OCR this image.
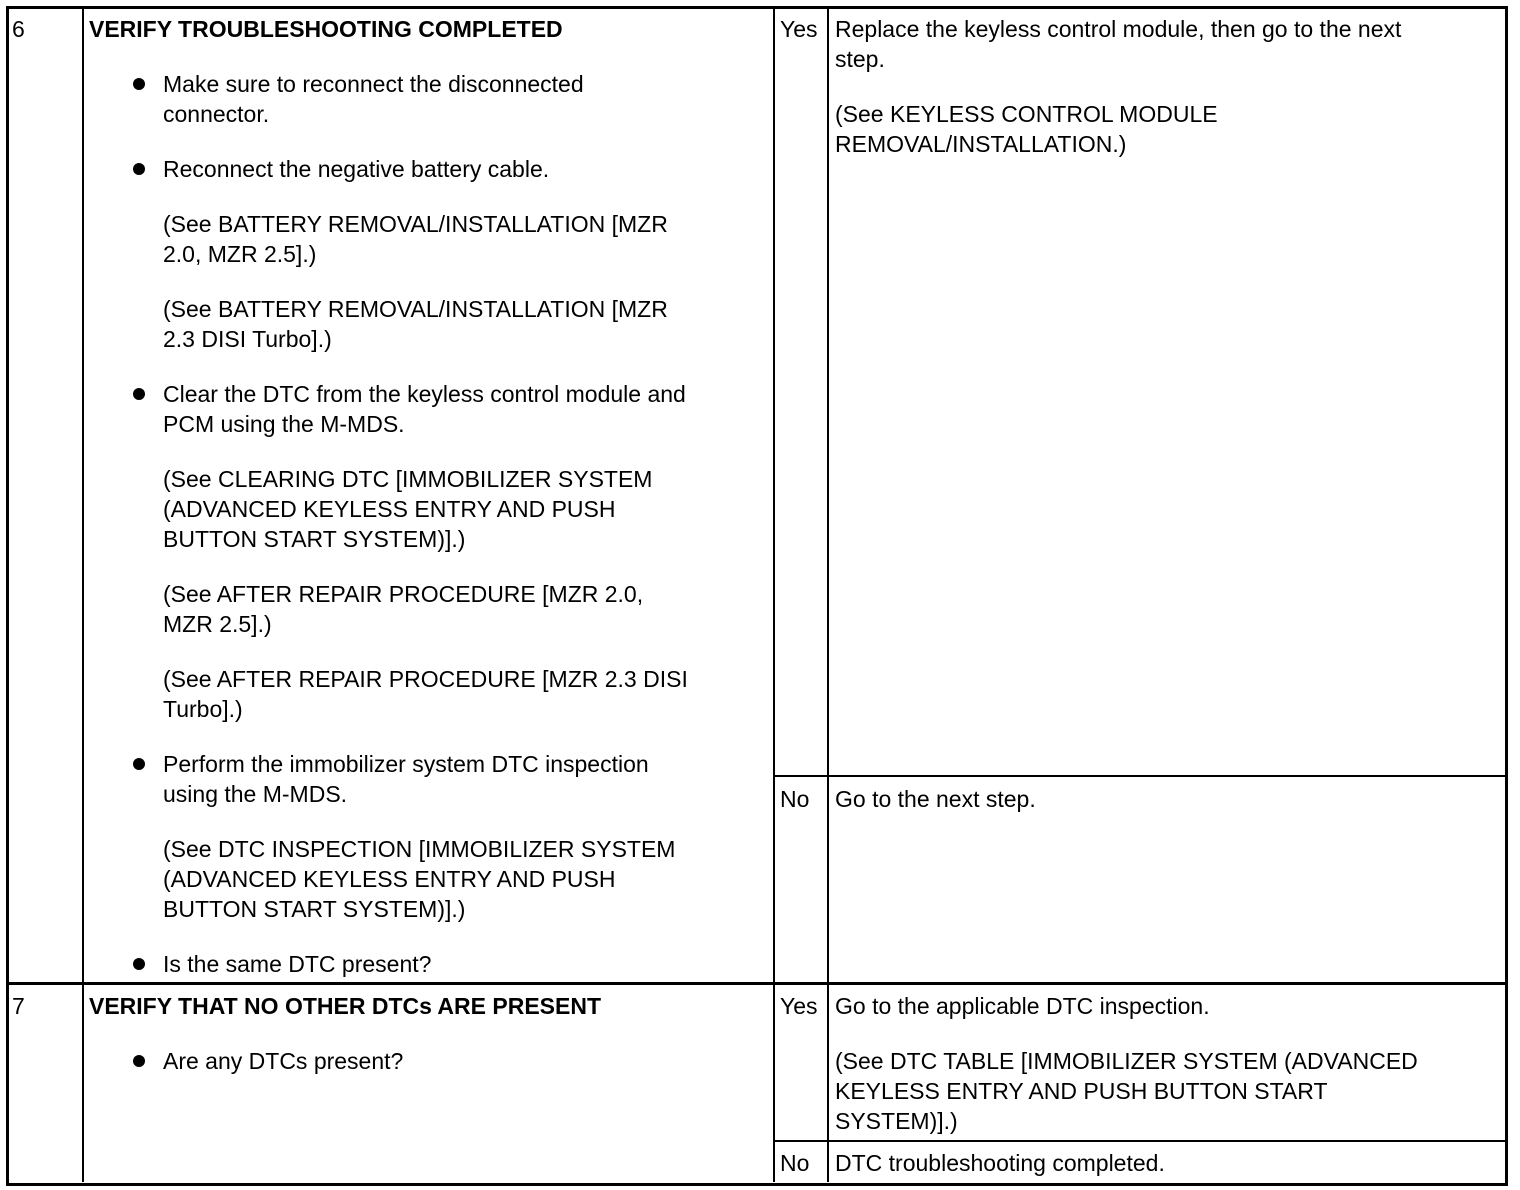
6	VERIFY TROUBLESHOOTING COMPLETED
Make sure to reconnect the disconnected
connector.
Reconnect the negative battery cable.
(See BATTERY REMOVAL/INSTALLATION [MZR
2.0, MZR 2.5].)
(See BATTERY REMOVAL/INSTALLATION [MZR
2.3 DISI Turbo].)
Clear the DTC from the keyless control module and
PCM using the M-MDS.
(See CLEARING DTC [IMMOBILIZER SYSTEM
(ADVANCED KEYLESS ENTRY AND PUSH
BUTTON START SYSTEM)].)
(See AFTER REPAIR PROCEDURE [MZR 2.0,
MZR 2.5].)
(See AFTER REPAIR PROCEDURE [MZR 2.3 DISI
Turbo].)
Perform the immobilizer system DTC inspection
using the M-MDS.
(See DTC INSPECTION [IMMOBILIZER SYSTEM
(ADVANCED KEYLESS ENTRY AND PUSH
BUTTON START SYSTEM)].)
Is the same DTC present?
Yes Replace the keyless control module, then go to the next
step.
(See KEYLESS CONTROL MODULE
REMOVAL/INSTALLATION.)
No Go to the next step.
7	VERIFY THAT NO OTHER DTCs ARE PRESENT
Are any DTCs present?
Yes Go to the applicable DTC inspection.
(See DTC TABLE [IMMOBILIZER SYSTEM (ADVANCED
KEYLESS ENTRY AND PUSH BUTTON START
SYSTEM)].)
No DTC troubleshooting completed.
